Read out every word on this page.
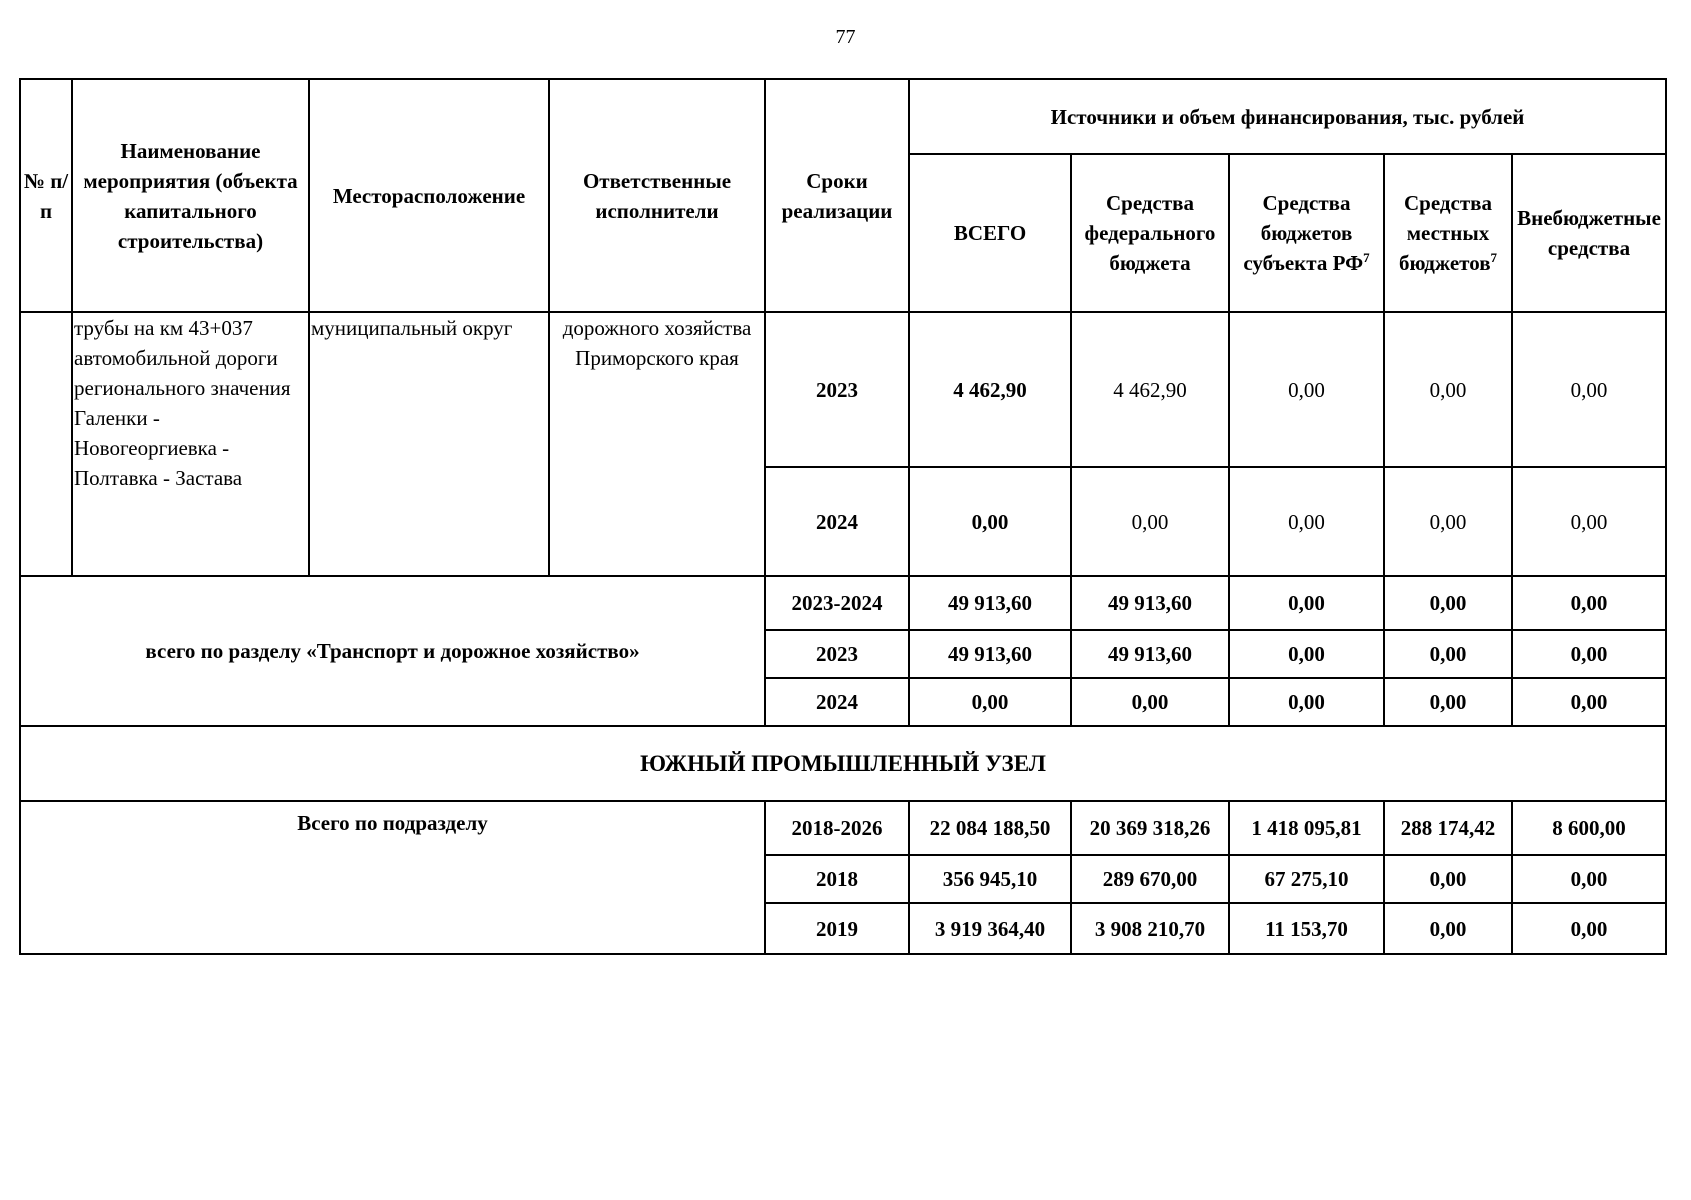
77
№ п/п	Наименование мероприятия (объекта капитального строительства)	Месторасположение	Ответственные исполнители	Сроки реализации	Источники и объем финансирования, тыс. рублей				
					ВСЕГО	Средства федерального бюджета	Средства бюджетов субъекта $РФ^7$	Средства местных бюджетов$^7$	Внебюджетные средства
	трубы на км 43+037 автомобильной дороги регионального значения Галенки - Новогеоргиевка - Полтавка - Застава	муниципальный округ	дорожного хозяйства Приморского края	2023	4 462,90	4 462,90	0,00	0,00	0,00
				2024	0,00	0,00	0,00	0,00	0,00
всего по разделу «Транспорт и дорожное хозяйство»				2023-2024	49 913,60	49 913,60	0,00	0,00	0,00
				2023	49 913,60	49 913,60	0,00	0,00	0,00
				2024	0,00	0,00	0,00	0,00	0,00
ЮЖНЫЙ ПРОМЫШЛЕННЫЙ УЗЕЛ									
Всего по подразделу				2018-2026	22 084 188,50	20 369 318,26	1 418 095,81	288 174,42	8 600,00
				2018	356 945,10	289 670,00	67 275,10	0,00	0,00
				2019	3 919 364,40	3 908 210,70	11 153,70	0,00	0,00
